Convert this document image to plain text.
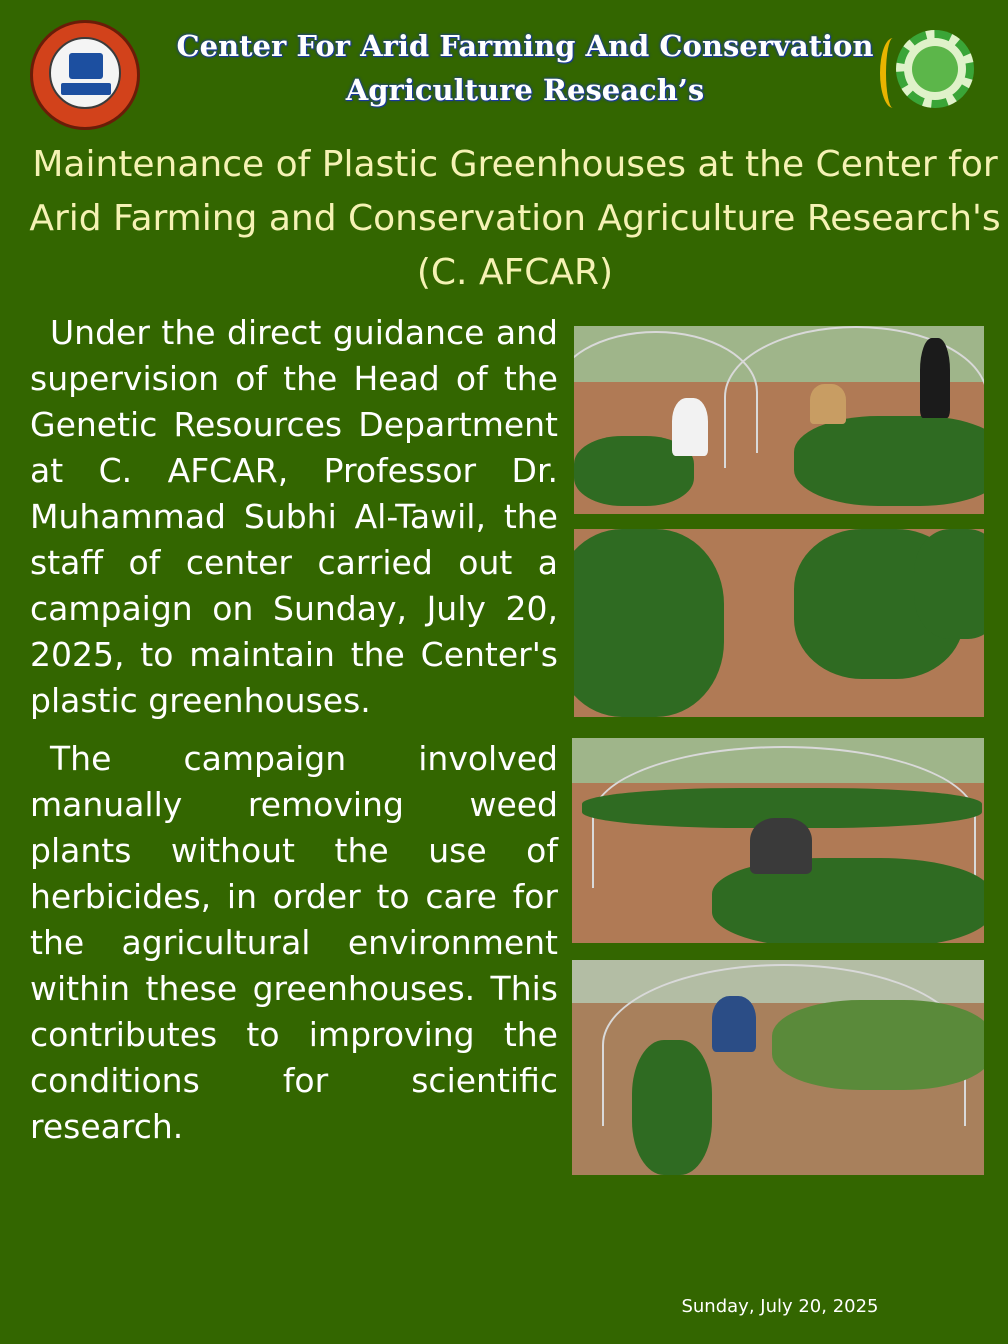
Center For Arid Farming And Conservation
Agriculture Reseach’s
Maintenance of Plastic Greenhouses at the Center for Arid Farming and Conservation Agriculture Research's (C. AFCAR)

Under the direct guidance and supervision of the Head of the Genetic Resources Department at C. AFCAR, Professor Dr. Muhammad Subhi Al-Tawil, the staff of center carried out a campaign on Sunday, July 20, 2025, to maintain the Center's plastic greenhouses.

The campaign involved manually removing weed plants without the use of herbicides, in order to care for the agricultural environment within these greenhouses. This contributes to improving the conditions for scientific research.

Sunday, July 20, 2025
